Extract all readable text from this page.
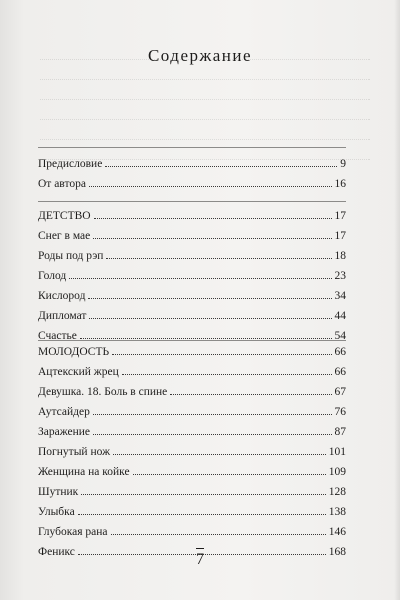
Содержание
Предисловие	9
От автора	16
ДЕТСТВО	17
Снег в мае	17
Роды под рэп	18
Голод	23
Кислород	34
Дипломат	44
Счастье	54
МОЛОДОСТЬ	66
Ацтекский жрец	66
Девушка. 18. Боль в спине	67
Аутсайдер	76
Заражение	87
Погнутый нож	101
Женщина на койке	109
Шутник	128
Улыбка	138
Глубокая рана	146
Феникс	168
7
